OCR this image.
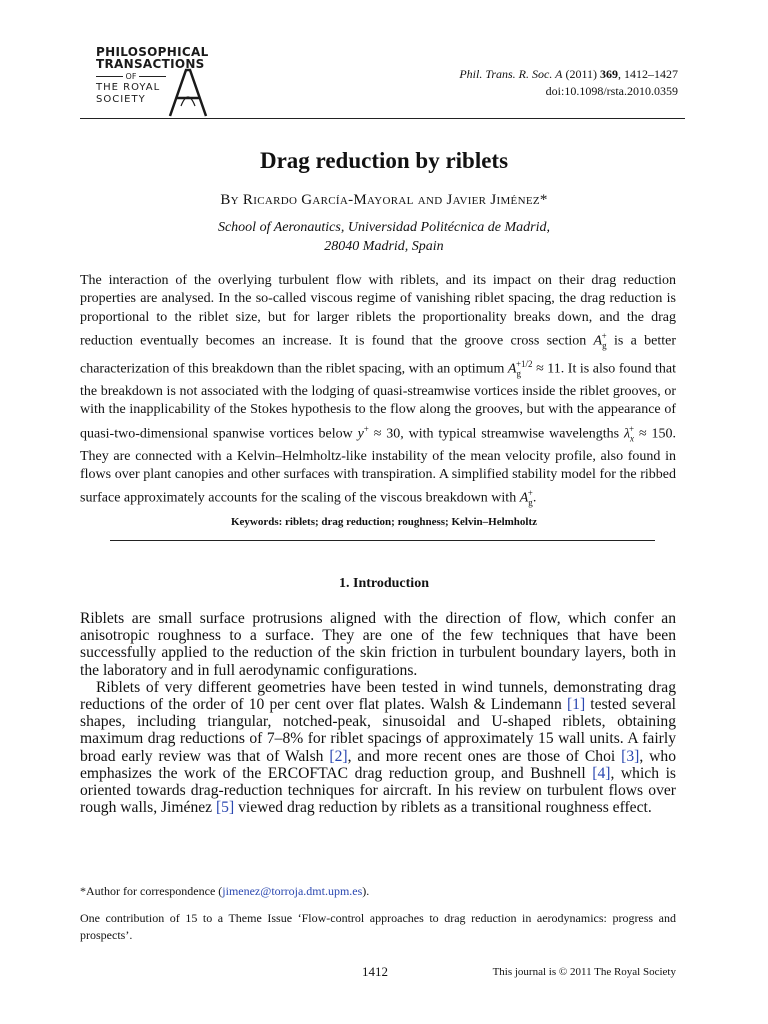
PHILOSOPHICAL
TRANSACTIONS
OF
THE ROYAL
SOCIETY
Phil. Trans. R. Soc. A (2011) 369, 1412–1427
doi:10.1098/rsta.2010.0359
Drag reduction by riblets
By Ricardo García-Mayoral and Javier Jiménez*
School of Aeronautics, Universidad Politécnica de Madrid,
28040 Madrid, Spain
The interaction of the overlying turbulent flow with riblets, and its impact on their drag reduction properties are analysed. In the so-called viscous regime of vanishing riblet spacing, the drag reduction is proportional to the riblet size, but for larger riblets the proportionality breaks down, and the drag reduction eventually becomes an increase. It is found that the groove cross section $A_g^+$ is a better characterization of this breakdown than the riblet spacing, with an optimum $A_g^{+1/2} \approx 11$. It is also found that the breakdown is not associated with the lodging of quasi-streamwise vortices inside the riblet grooves, or with the inapplicability of the Stokes hypothesis to the flow along the grooves, but with the appearance of quasi-two-dimensional spanwise vortices below y+ ≈ 30, with typical streamwise wavelengths $\lambda_x^+ \approx 150$. They are connected with a Kelvin–Helmholtz-like instability of the mean velocity profile, also found in flows over plant canopies and other surfaces with transpiration. A simplified stability model for the ribbed surface approximately accounts for the scaling of the viscous breakdown with $A_g^+$.
Keywords: riblets; drag reduction; roughness; Kelvin–Helmholtz
1. Introduction

Riblets are small surface protrusions aligned with the direction of flow, which confer an anisotropic roughness to a surface. They are one of the few techniques that have been successfully applied to the reduction of the skin friction in turbulent boundary layers, both in the laboratory and in full aerodynamic configurations.

Riblets of very different geometries have been tested in wind tunnels, demonstrating drag reductions of the order of 10 per cent over flat plates. Walsh & Lindemann [1] tested several shapes, including triangular, notched-peak, sinusoidal and U-shaped riblets, obtaining maximum drag reductions of 7–8% for riblet spacings of approximately 15 wall units. A fairly broad early review was that of Walsh [2], and more recent ones are those of Choi [3], who emphasizes the work of the ERCOFTAC drag reduction group, and Bushnell [4], which is oriented towards drag-reduction techniques for aircraft. In his review on turbulent flows over rough walls, Jiménez [5] viewed drag reduction by riblets as a transitional roughness effect.

*Author for correspondence (jimenez@torroja.dmt.upm.es).
One contribution of 15 to a Theme Issue ‘Flow-control approaches to drag reduction in aerodynamics: progress and prospects’.
1412	This journal is © 2011 The Royal Society
